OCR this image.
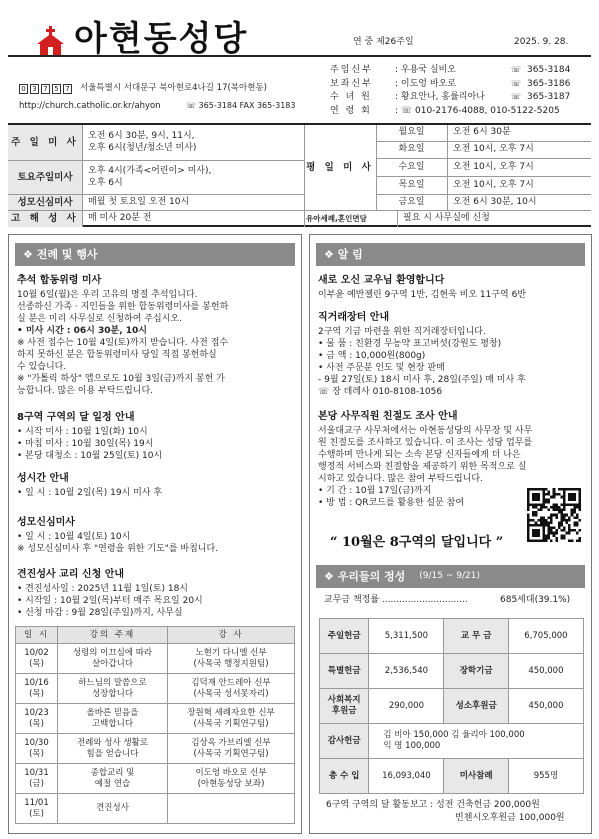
아현동성당	연 중 제26주일	2025. 9. 28.
0 3 7 5 7 서울특별시 서대문구 북아현로4나길 17(북아현동)
http://church.catholic.or.kr/ahyon	☏ 365-3184 FAX 365-3183
주임신부	: 우용국 실비오	☏ 365-3184
보좌신부	: 이도엉 바오로	☏ 365-3186
수 녀 원	: 황요안나, 홍률리아나	☏ 365-3187
연 령 회	: ☏ 010-2176-4088, 010-5122-5205
주 일 미 사
오전 6시 30분, 9시, 11시,
오후 6시(청년/청소년 미사)
토요주일미사
오후 4시(가족<어린이> 미사),
오후 6시
성모신심미사	매월 첫 토요일 오전 10시
고 해 성 사	매 미사 20분 전
평 일 미 사
월요일	오전 6시 30분
화요일	오전 10시, 오후 7시
수요일	오전 10시, 오후 7시
목요일	오전 10시, 오후 7시
금요일	오전 6시 30분, 10시
유아세례,혼인면담	필요 시 사무실에 신청
❖ 전례 및 행사
추석 합동위령 미사
10월 6일(월)은 우리 고유의 명절 추석입니다.
선종하신 가족 · 지인들을 위한 합동위령미사를 봉헌하
실 분은 미리 사무실로 신청하여 주십시오.
• 미사 시간 : 06시 30분, 10시
※ 사전 접수는 10월 4일(토)까지 받습니다. 사전 접수
하지 못하신 분은 합동위령미사 당일 직접 봉헌하실
수 있습니다.
※ "가톨릭 하상" 앱으로도 10월 3일(금)까지 봉헌 가
능합니다. 많은 이용 부탁드립니다.
8구역 구역의 달 일정 안내
• 시작 미사 : 10월 1일(화) 10시
• 마침 미사 : 10월 30일(목) 19시
• 본당 대청소 : 10월 25일(토) 10시
성시간 안내
• 일 시 : 10월 2일(목) 19시 미사 후
성모신심미사
• 일 시 : 10월 4일(토) 10시
※ 성모신심미사 후 "연령을 위한 기도"를 바칩니다.
견진성사 교리 신청 안내
• 견진성사일 : 2025년 11월 1일(토) 18시
• 시작일 : 10월 2일(목)부터 매주 목요일 20시
• 신청 마감 : 9월 28일(주일)까지, 사무실
일 시	강의 주제	강 사
10/02
(목)	성령의 이끄심에 따라
살아갑니다	노현기 다니엘 신부
(사목국 행정지원팀)
10/16
(목)	하느님의 말씀으로
성장합니다	김덕재 안드레아 신부
(사목국 성서못자리)
10/23
(목)	올바른 믿음을
고백합니다	장원혁 세례자요한 신부
(사목국 기획연구팀)
10/30
(목)	전례와 성사 생활로
힘을 얻습니다	김상옥 가브리엘 신부
(사목국 기획연구팀)
10/31
(금)	종합교리 및
예절 연습	이도엉 바오로 신부
(아현동성당 보좌)
11/01
(토)	견진성사	
❖ 알 림
새로 오신 교우님 환영합니다
이부윤 예반젤린 9구역 1반, 김현욱 비오 11구역 6반
직거래장터 안내
2구역 기금 마련을 위한 직거래장터입니다.
• 물 품 : 친환경 무농약 표고버섯(강원도 평창)
• 금 액 : 10,000원(800g)
• 사전 주문분 인도 및 현장 판매
- 9월 27일(토) 18시 미사 후, 28일(주일) 매 미사 후
☏ 장 데레사 010-8108-1056
본당 사무직원 친절도 조사 안내
서울대교구 사무처에서는 아현동성당의 사무장 및 사무
원 친절도를 조사하고 있습니다. 이 조사는 성당 업무를
수행하며 만나게 되는 소속 본당 신자들에게 더 나은
행정적 서비스와 친절함을 제공하기 위한 목적으로 실
시하고 있습니다. 많은 참여 부탁드립니다.
• 기 간 : 10월 17일(금)까지
• 방 법 : QR코드를 활용한 설문 참여
“ 10월은 8구역의 달입니다 ”
❖ 우리들의 정성 (9/15 ~ 9/21)
교무금 책정률 ..............................	685세대(39.1%)
6구역 구역의 달 활동보고 : 성전 건축헌금 200,000원
빈첸시오후원금 100,000원
주일헌금	5,311,500	교 무 금	6,705,000
특별헌금	2,536,540	장학기금	450,000
사회복지
후원금	290,000	성소후원금	450,000
감사헌금	김 비아 150,000 김 율리아 100,000
익 명 100,000		

총 수 입	16,093,040	미사참례	955명
